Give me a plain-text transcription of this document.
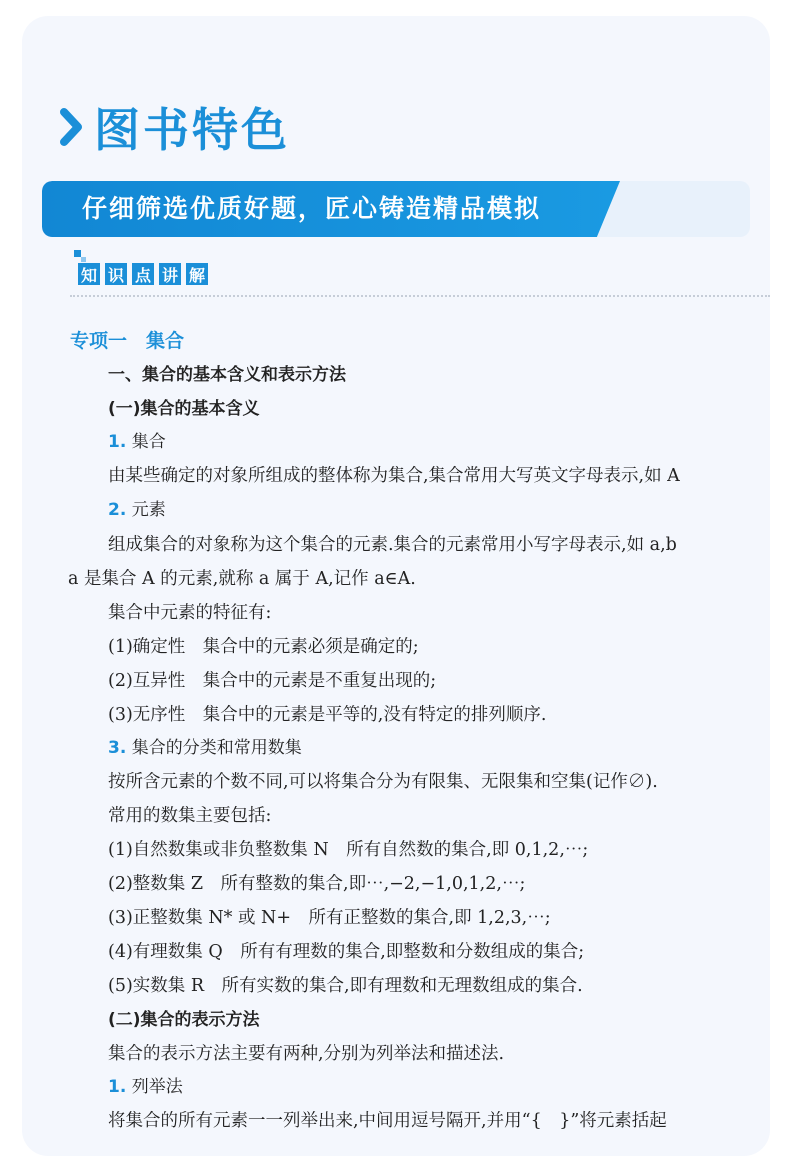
图书特色
仔细筛选优质好题，匠心铸造精品模拟
知 识 点 讲 解
专项一　集合
一、集合的基本含义和表示方法
(一)集合的基本含义
1. 集合
由某些确定的对象所组成的整体称为集合,集合常用大写英文字母表示,如 A
2. 元素
组成集合的对象称为这个集合的元素.集合的元素常用小写字母表示,如 a,b
a 是集合 A 的元素,就称 a 属于 A,记作 a∈A.
集合中元素的特征有:
(1)确定性　集合中的元素必须是确定的;
(2)互异性　集合中的元素是不重复出现的;
(3)无序性　集合中的元素是平等的,没有特定的排列顺序.
3. 集合的分类和常用数集
按所含元素的个数不同,可以将集合分为有限集、无限集和空集(记作∅).
常用的数集主要包括:
(1)自然数集或非负整数集 N　所有自然数的集合,即 0,1,2,⋯;
(2)整数集 Z　所有整数的集合,即⋯,−2,−1,0,1,2,⋯;
(3)正整数集 N* 或 N+　所有正整数的集合,即 1,2,3,⋯;
(4)有理数集 Q　所有有理数的集合,即整数和分数组成的集合;
(5)实数集 R　所有实数的集合,即有理数和无理数组成的集合.
(二)集合的表示方法
集合的表示方法主要有两种,分别为列举法和描述法.
1. 列举法
将集合的所有元素一一列举出来,中间用逗号隔开,并用“{　}”将元素括起
